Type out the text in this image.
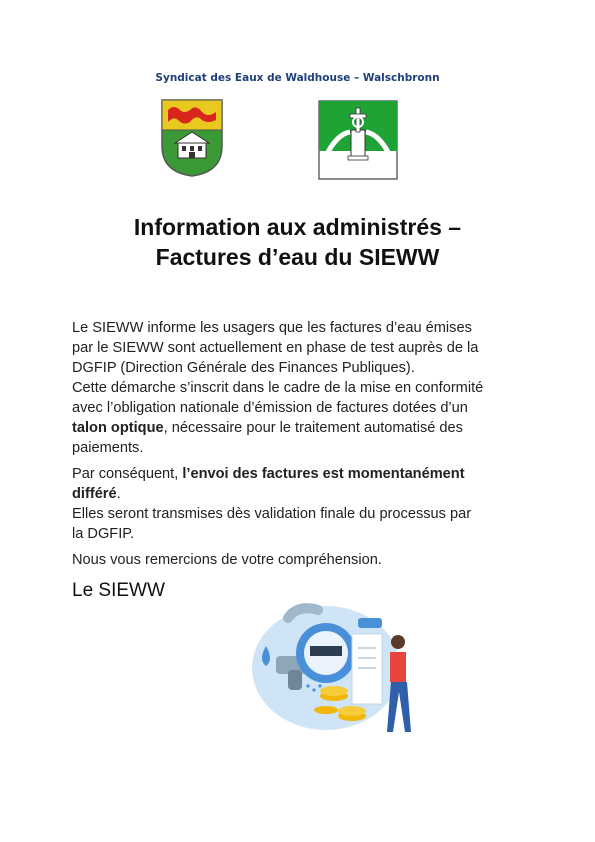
Syndicat des Eaux de Waldhouse – Walschbronn
Information aux administrés –
Factures d’eau du SIEWW
Le SIEWW informe les usagers que les factures d’eau émises
par le SIEWW sont actuellement en phase de test auprès de la
DGFIP (Direction Générale des Finances Publiques).
Cette démarche s’inscrit dans le cadre de la mise en conformité
avec l’obligation nationale d’émission de factures dotées d’un
talon optique, nécessaire pour le traitement automatisé des
paiements.
Par conséquent, l’envoi des factures est momentanément
différé.
Elles seront transmises dès validation finale du processus par
la DGFIP.
Nous vous remercions de votre compréhension.
Le SIEWW
